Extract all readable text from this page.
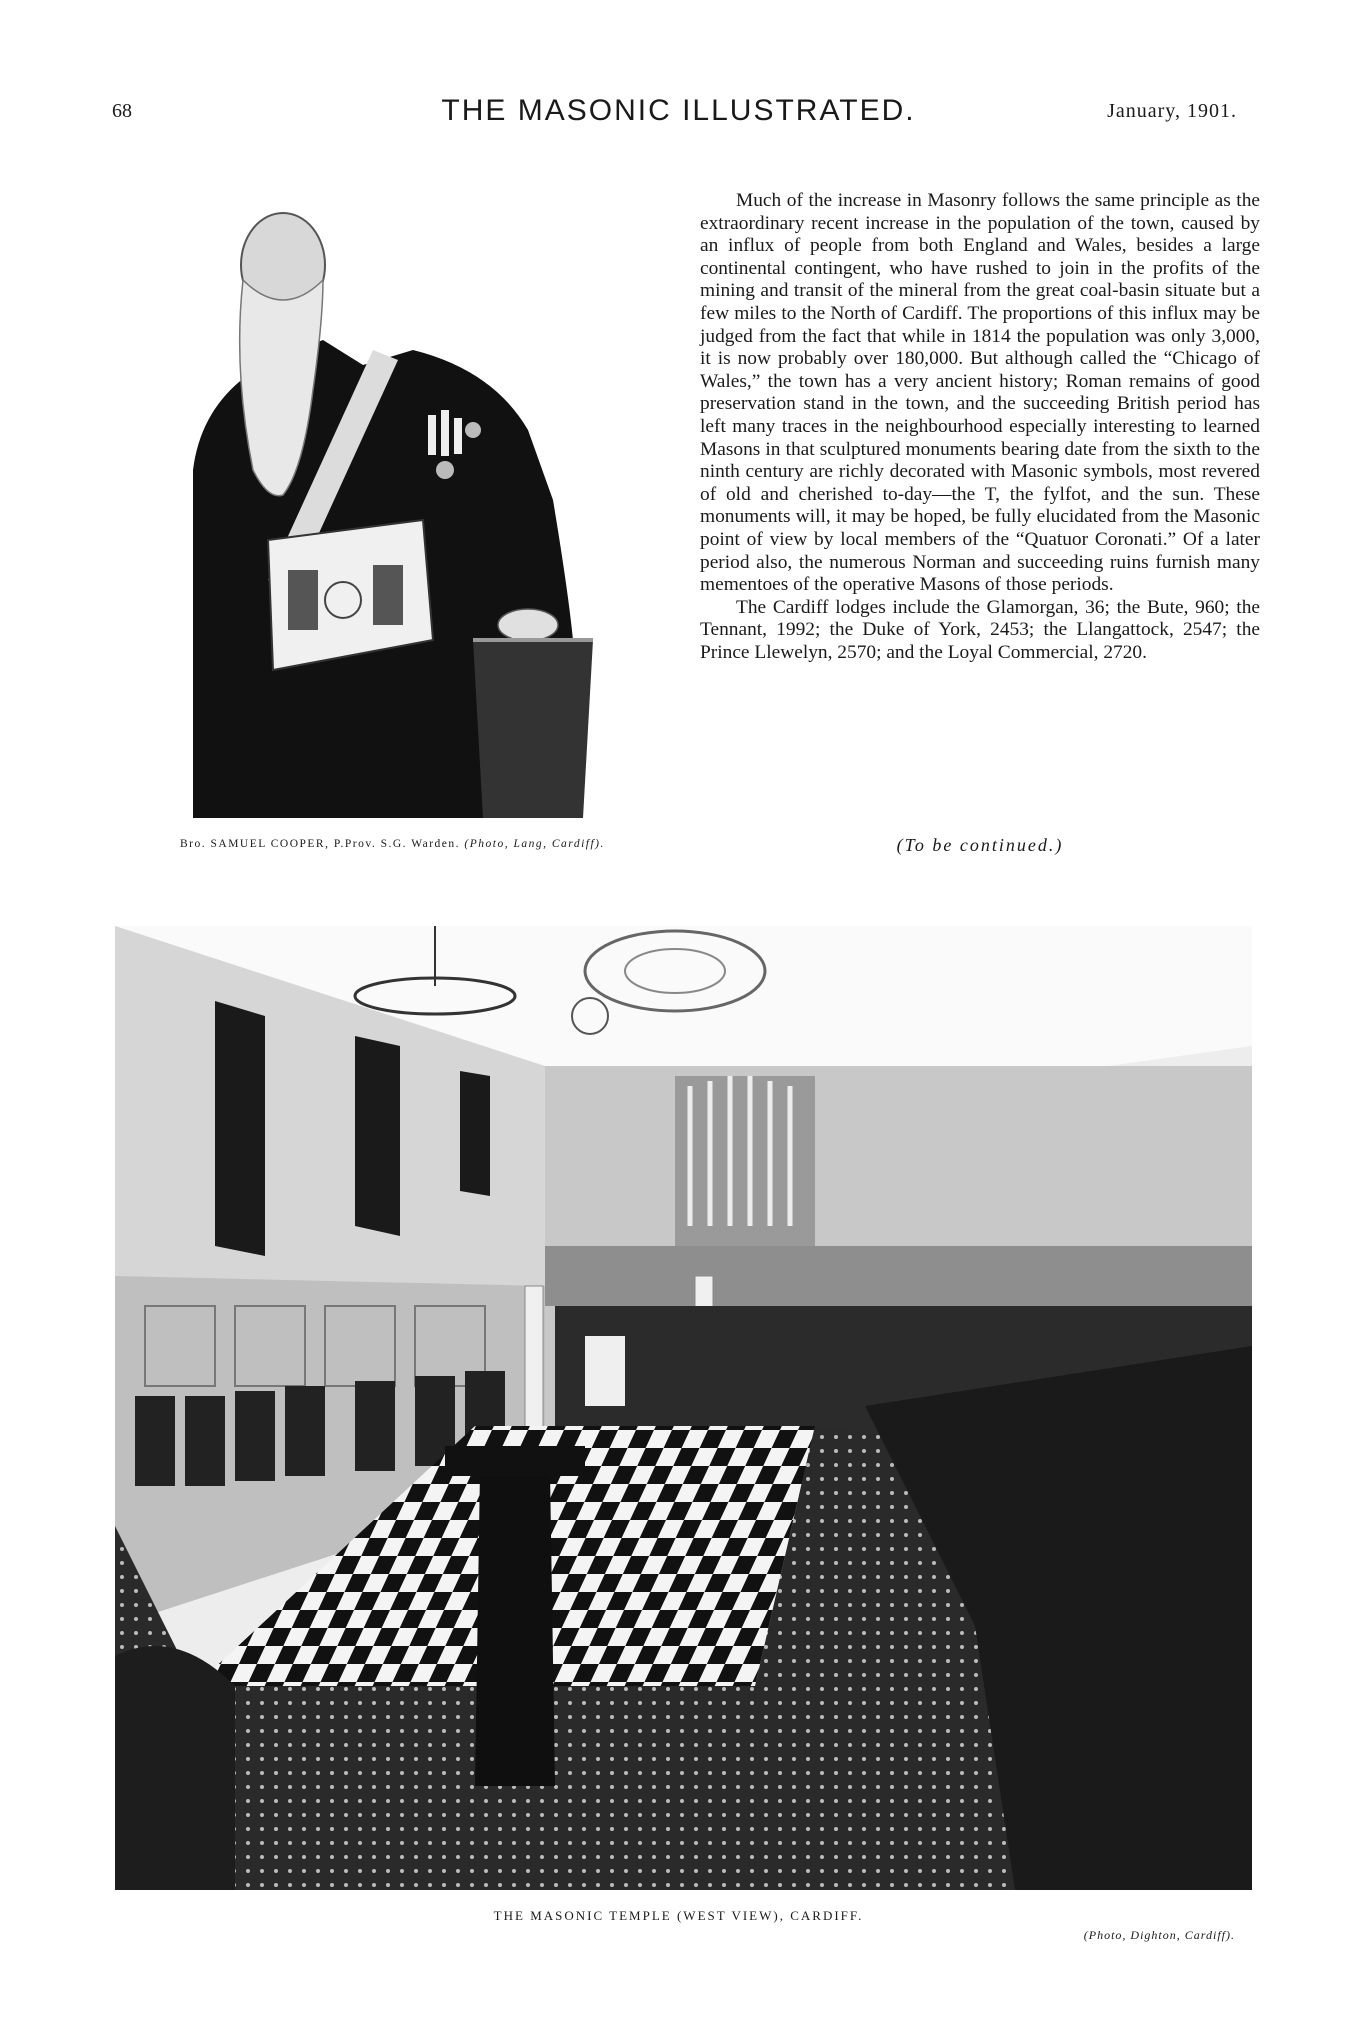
68	THE MASONIC ILLUSTRATED.	January, 1901.
Bro. SAMUEL COOPER, P.Prov. S.G. Warden. (Photo, Lang, Cardiff).

Much of the increase in Masonry follows the same principle as the extraordinary recent increase in the population of the town, caused by an influx of people from both England and Wales, besides a large continental contingent, who have rushed to join in the profits of the mining and transit of the mineral from the great coal-basin situate but a few miles to the North of Cardiff. The proportions of this influx may be judged from the fact that while in 1814 the population was only 3,000, it is now probably over 180,000. But although called the “Chicago of Wales,” the town has a very ancient history; Roman remains of good preservation stand in the town, and the succeeding British period has left many traces in the neighbourhood especially interesting to learned Masons in that sculptured monuments bearing date from the sixth to the ninth century are richly decorated with Masonic symbols, most revered of old and cherished to-day—the T, the fylfot, and the sun. These monuments will, it may be hoped, be fully elucidated from the Masonic point of view by local members of the “Quatuor Coronati.” Of a later period also, the numerous Norman and succeeding ruins furnish many mementoes of the operative Masons of those periods.

The Cardiff lodges include the Glamorgan, 36; the Bute, 960; the Tennant, 1992; the Duke of York, 2453; the Llangattock, 2547; the Prince Llewelyn, 2570; and the Loyal Commercial, 2720.

(To be continued.)
THE MASONIC TEMPLE (WEST VIEW), CARDIFF.
(Photo, Dighton, Cardiff).
